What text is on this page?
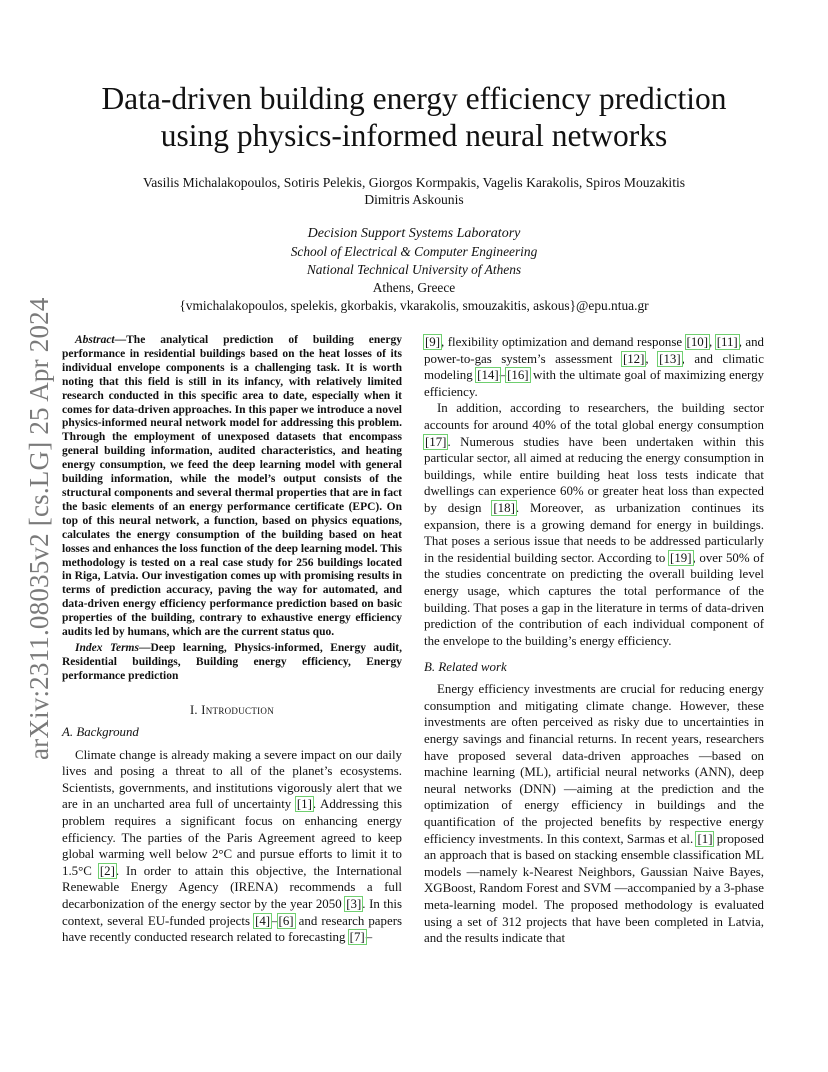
arXiv:2311.08035v2 [cs.LG] 25 Apr 2024
Data-driven building energy efficiency prediction
using physics-informed neural networks
Vasilis Michalakopoulos, Sotiris Pelekis, Giorgos Kormpakis, Vagelis Karakolis, Spiros Mouzakitis
Dimitris Askounis
Decision Support Systems Laboratory
School of Electrical & Computer Engineering
National Technical University of Athens
Athens, Greece
{vmichalakopoulos, spelekis, gkorbakis, vkarakolis, smouzakitis, askous}@epu.ntua.gr

Abstract—The analytical prediction of building energy performance in residential buildings based on the heat losses of its individual envelope components is a challenging task. It is worth noting that this field is still in its infancy, with relatively limited research conducted in this specific area to date, especially when it comes for data-driven approaches. In this paper we introduce a novel physics-informed neural network model for addressing this problem. Through the employment of unexposed datasets that encompass general building information, audited characteristics, and heating energy consumption, we feed the deep learning model with general building information, while the model’s output consists of the structural components and several thermal properties that are in fact the basic elements of an energy performance certificate (EPC). On top of this neural network, a function, based on physics equations, calculates the energy consumption of the building based on heat losses and enhances the loss function of the deep learning model. This methodology is tested on a real case study for 256 buildings located in Riga, Latvia. Our investigation comes up with promising results in terms of prediction accuracy, paving the way for automated, and data-driven energy efficiency performance prediction based on basic properties of the building, contrary to exhaustive energy efficiency audits led by humans, which are the current status quo.

Index Terms—Deep learning, Physics-informed, Energy audit, Residential buildings, Building energy efficiency, Energy performance prediction

I. Introduction
A. Background

Climate change is already making a severe impact on our daily lives and posing a threat to all of the planet’s ecosystems. Scientists, governments, and institutions vigorously alert that we are in an uncharted area full of uncertainty [1]. Addressing this problem requires a significant focus on enhancing energy efficiency. The parties of the Paris Agreement agreed to keep global warming well below 2°C and pursue efforts to limit it to 1.5°C [2]. In order to attain this objective, the International Renewable Energy Agency (IRENA) recommends a full decarbonization of the energy sector by the year 2050 [3]. In this context, several EU-funded projects [4]–[6] and research papers have recently conducted research related to forecasting [7]–

[9], flexibility optimization and demand response [10], [11], and power-to-gas system’s assessment [12], [13], and climatic modeling [14]–[16] with the ultimate goal of maximizing energy efficiency.

In addition, according to researchers, the building sector accounts for around 40% of the total global energy consumption [17]. Numerous studies have been undertaken within this particular sector, all aimed at reducing the energy consumption in buildings, while entire building heat loss tests indicate that dwellings can experience 60% or greater heat loss than expected by design [18]. Moreover, as urbanization continues its expansion, there is a growing demand for energy in buildings. That poses a serious issue that needs to be addressed particularly in the residential building sector. According to [19], over 50% of the studies concentrate on predicting the overall building level energy usage, which captures the total performance of the building. That poses a gap in the literature in terms of data-driven prediction of the contribution of each individual component of the envelope to the building’s energy efficiency.

B. Related work

Energy efficiency investments are crucial for reducing energy consumption and mitigating climate change. However, these investments are often perceived as risky due to uncertainties in energy savings and financial returns. In recent years, researchers have proposed several data-driven approaches —based on machine learning (ML), artificial neural networks (ANN), deep neural networks (DNN) —aiming at the prediction and the optimization of energy efficiency in buildings and the quantification of the projected benefits by respective energy efficiency investments. In this context, Sarmas et al. [1] proposed an approach that is based on stacking ensemble classification ML models —namely k-Nearest Neighbors, Gaussian Naive Bayes, XGBoost, Random Forest and SVM —accompanied by a 3-phase meta-learning model. The proposed methodology is evaluated using a set of 312 projects that have been completed in Latvia, and the results indicate that
